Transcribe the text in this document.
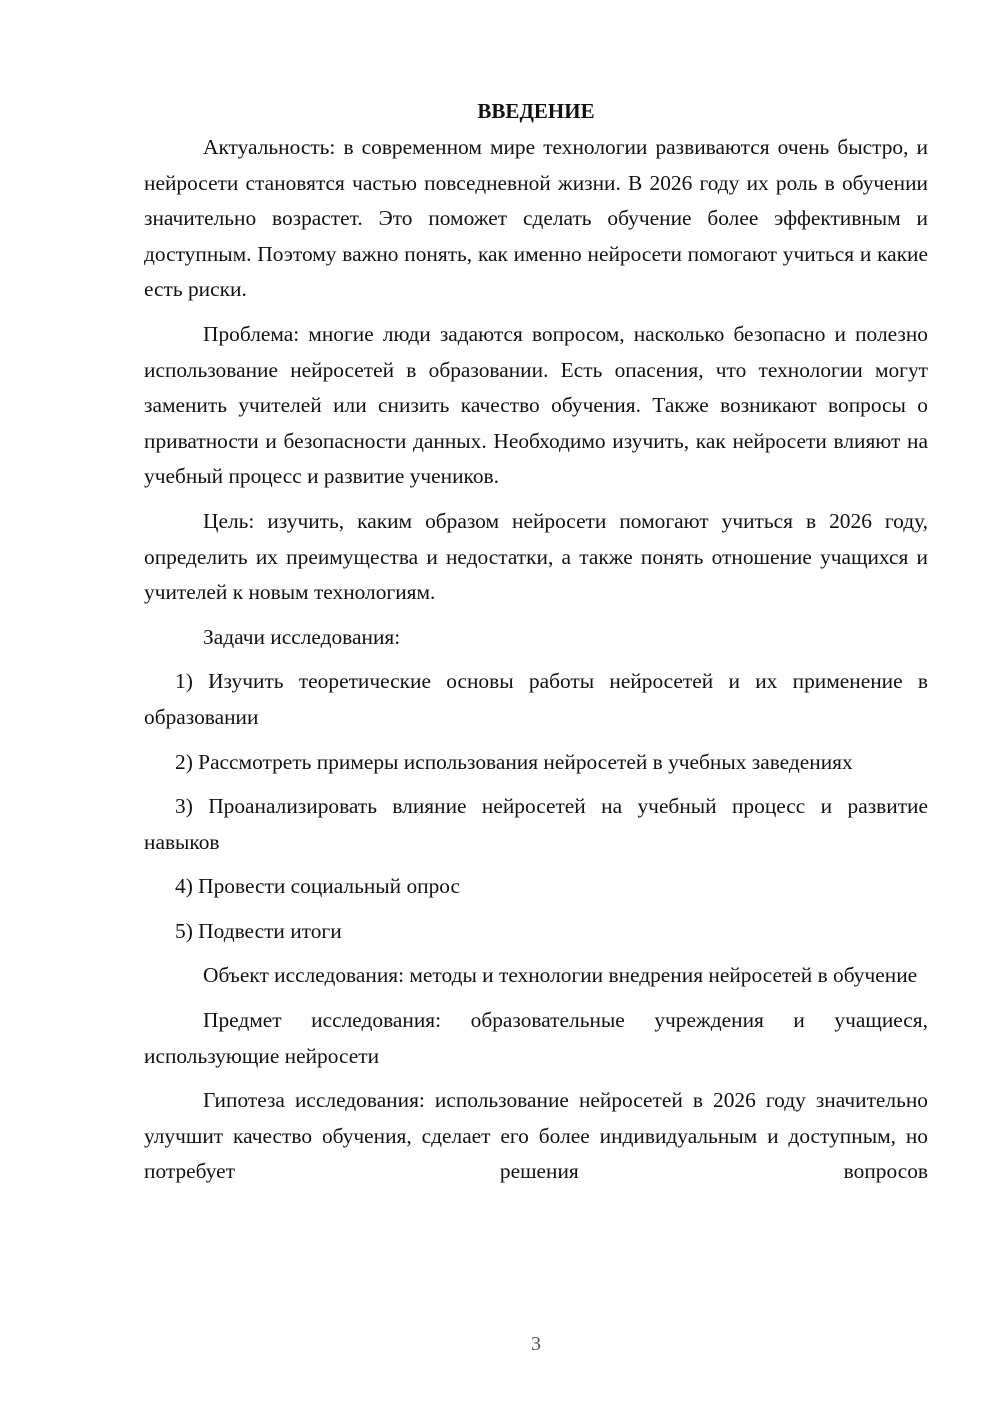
ВВЕДЕНИЕ

Актуальность: в современном мире технологии развиваются очень быстро, и нейросети становятся частью повседневной жизни. В 2026 году их роль в обучении значительно возрастет. Это поможет сделать обучение более эффективным и доступным. Поэтому важно понять, как именно нейросети помогают учиться и какие есть риски.

Проблема: многие люди задаются вопросом, насколько безопасно и полезно использование нейросетей в образовании. Есть опасения, что технологии могут заменить учителей или снизить качество обучения. Также возникают вопросы о приватности и безопасности данных. Необходимо изучить, как нейросети влияют на учебный процесс и развитие учеников.

Цель: изучить, каким образом нейросети помогают учиться в 2026 году, определить их преимущества и недостатки, а также понять отношение учащихся и учителей к новым технологиям.

Задачи исследования:

1) Изучить теоретические основы работы нейросетей и их применение в образовании

2) Рассмотреть примеры использования нейросетей в учебных заведениях

3) Проанализировать влияние нейросетей на учебный процесс и развитие навыков

4) Провести социальный опрос

5) Подвести итоги

Объект исследования: методы и технологии внедрения нейросетей в обучение

Предмет исследования: образовательные учреждения и учащиеся, использующие нейросети

Гипотеза исследования: использование нейросетей в 2026 году значительно улучшит качество обучения, сделает его более индивидуальным и доступным, но потребует решения вопросов

3
